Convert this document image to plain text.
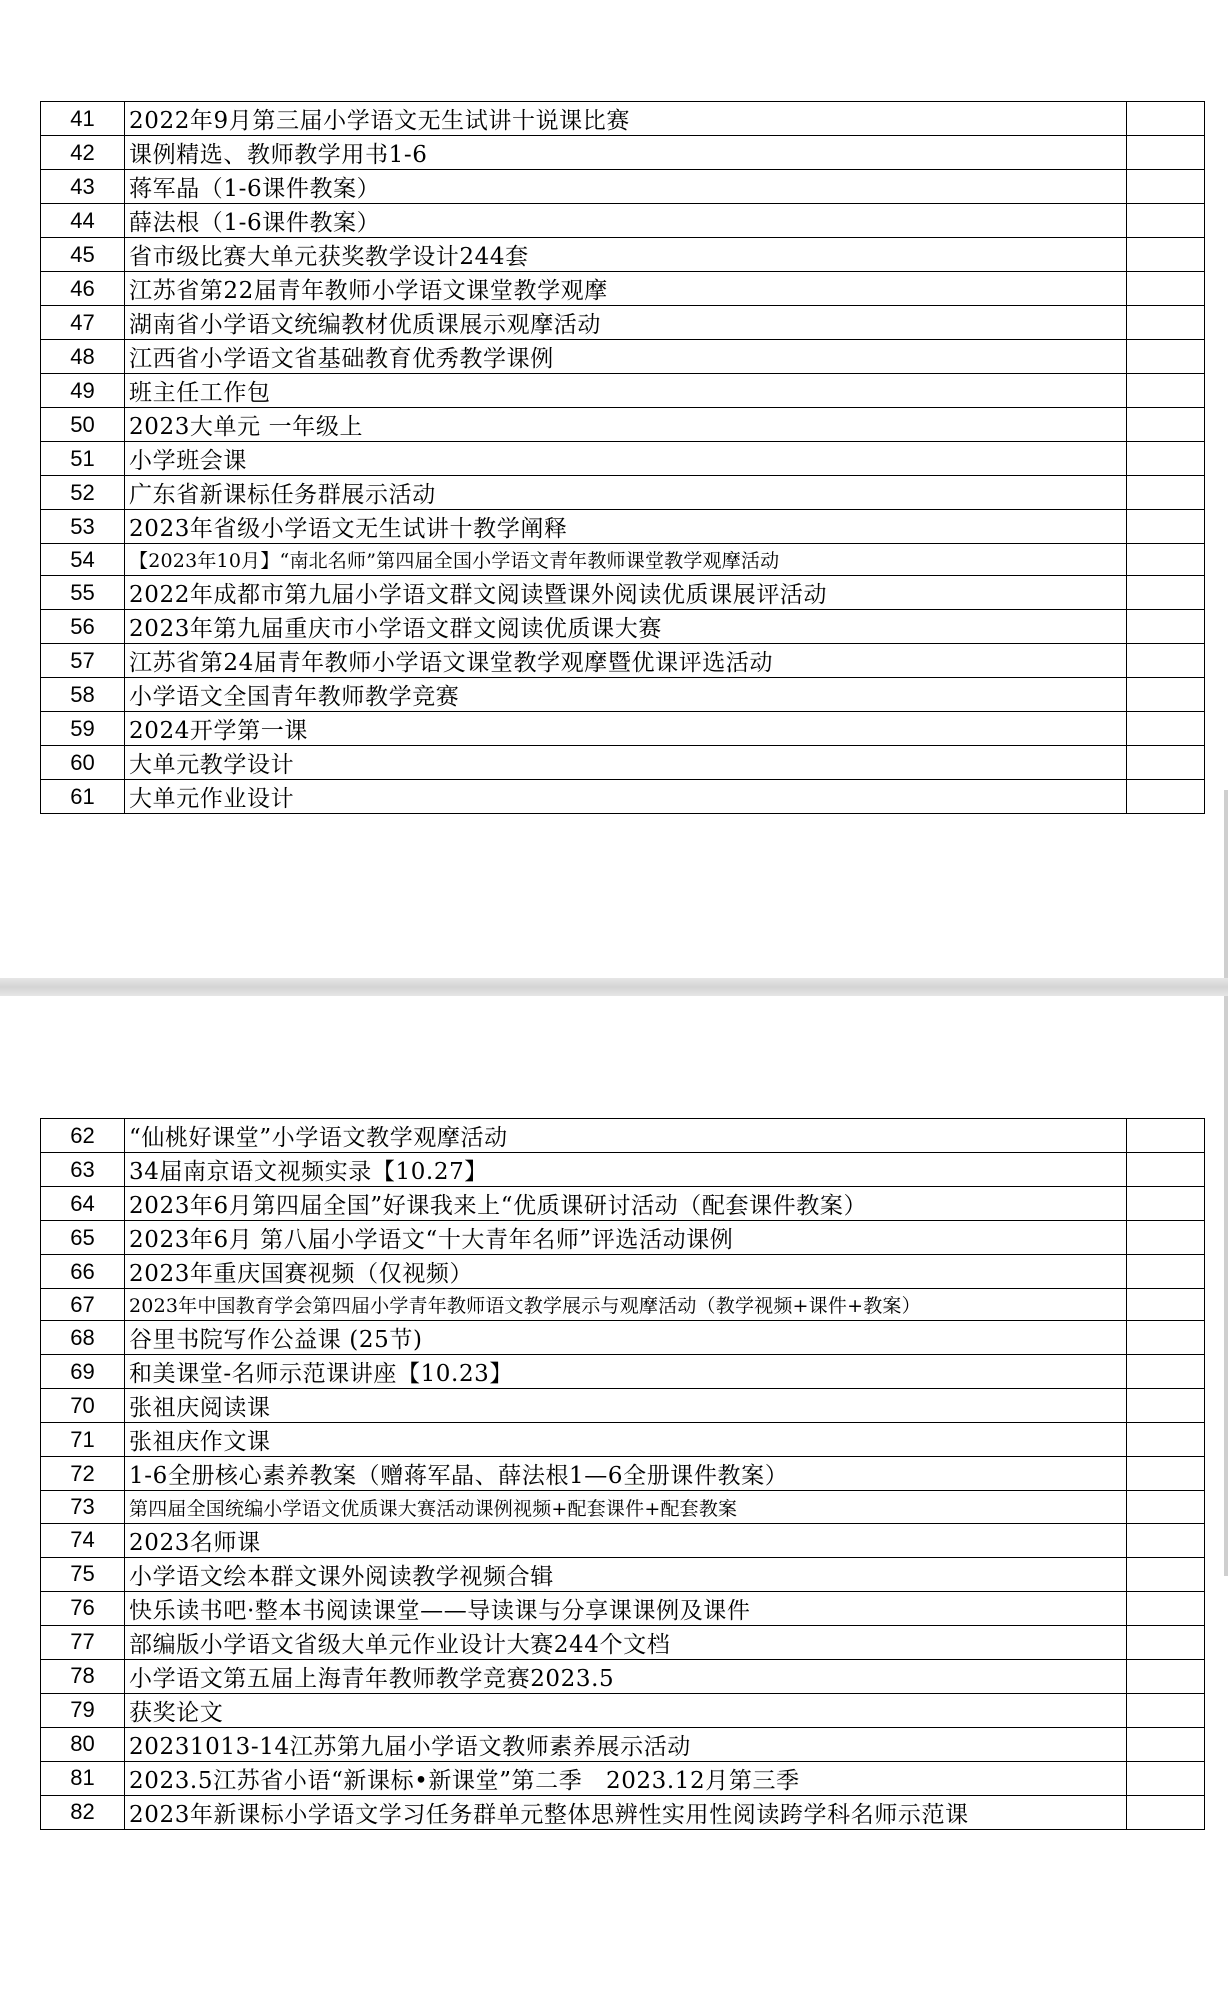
41	2022年9月第三届小学语文无生试讲十说课比赛	
42	课例精选、教师教学用书1-6	
43	蒋军晶（1-6课件教案）	
44	薛法根（1-6课件教案）	
45	省市级比赛大单元获奖教学设计244套	
46	江苏省第22届青年教师小学语文课堂教学观摩	
47	湖南省小学语文统编教材优质课展示观摩活动	
48	江西省小学语文省基础教育优秀教学课例	
49	班主任工作包	
50	2023大单元 一年级上	
51	小学班会课	
52	广东省新课标任务群展示活动	
53	2023年省级小学语文无生试讲十教学阐释	
54	【2023年10月】“南北名师”第四届全国小学语文青年教师课堂教学观摩活动	
55	2022年成都市第九届小学语文群文阅读暨课外阅读优质课展评活动	
56	2023年第九届重庆市小学语文群文阅读优质课大赛	
57	江苏省第24届青年教师小学语文课堂教学观摩暨优课评选活动	
58	小学语文全国青年教师教学竞赛	
59	2024开学第一课	
60	大单元教学设计	
61	大单元作业设计	
62	“仙桃好课堂”小学语文教学观摩活动	
63	34届南京语文视频实录【10.27】	
64	2023年6月第四届全国”好课我来上“优质课研讨活动（配套课件教案）	
65	2023年6月 第八届小学语文“十大青年名师”评选活动课例	
66	2023年重庆国赛视频（仅视频）	
67	2023年中国教育学会第四届小学青年教师语文教学展示与观摩活动（教学视频+课件+教案）	
68	谷里书院写作公益课 (25节)	
69	和美课堂-名师示范课讲座【10.23】	
70	张祖庆阅读课	
71	张祖庆作文课	
72	1-6全册核心素养教案（赠蒋军晶、薛法根1—6全册课件教案）	
73	第四届全国统编小学语文优质课大赛活动课例视频+配套课件+配套教案	
74	2023名师课	
75	小学语文绘本群文课外阅读教学视频合辑	
76	快乐读书吧·整本书阅读课堂——导读课与分享课课例及课件	
77	部编版小学语文省级大单元作业设计大赛244个文档	
78	小学语文第五届上海青年教师教学竞赛2023.5	
79	获奖论文	
80	20231013-14江苏第九届小学语文教师素养展示活动	
81	2023.5江苏省小语“新课标•新课堂”第二季　2023.12月第三季	
82	2023年新课标小学语文学习任务群单元整体思辨性实用性阅读跨学科名师示范课	
